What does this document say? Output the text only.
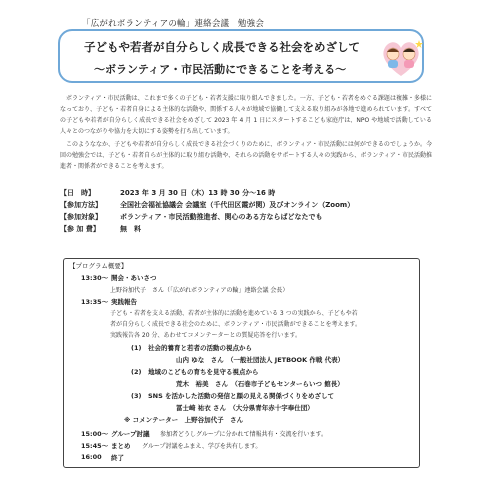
「広がれボランティアの輪」連絡会議　勉強会
子どもや若者が自分らしく成長できる社会をめざして
～ボランティア・市民活動にできることを考える～

ボランティア・市民活動は、これまで多くの子ども・若者支援に取り組んできました。一方、子ども・若者をめぐる課題は複雑・多様になっており、子ども・若者自身による主体的な活動や、関係する人々が地域で協働して支える取り組みが各地で進められています。すべての子どもや若者が自分らしく成長できる社会をめざして 2023 年 4 月 1 日にスタートするこども家庭庁は、NPO や地域で活動している人々とのつながりや協力を大切にする姿勢を打ち出しています。

このようななか、子どもや若者が自分らしく成長できる社会づくりのために、ボランティア・市民活動には何ができるのでしょうか。今回の勉強会では、子ども・若者自らが主体的に取り組む活動や、それらの活動をサポートする人々の実践から、ボランティア・市民活動推進者・関係者ができることを考えます。

【日　時】	2023 年 3 月 30 日（木）13 時 30 分～16 時
【参加方法】	全国社会福祉協議会 会議室（千代田区霞が関）及びオンライン（Zoom）
【参加対象】	ボランティア・市民活動推進者、関心のある方ならばどなたでも
【参 加 費】	無　料
【プログラム概要】
13:30～ 開会・あいさつ
上野谷加代子　さん（「広がれボランティアの輪」連絡会議 会長）
13:35～ 実践報告
子ども・若者を支える活動、若者が主体的に活動を進めている 3 つの実践から、子どもや若
者が自分らしく成長できる社会のために、ボランティア・市民活動ができることを考えます。
実践報告各 20 分、あわせてコメンテーターとの質疑応答を行います。
(1)　社会的養育と若者の活動の視点から
山内 ゆな　さん　（一般社団法人 JETBOOK 作戦 代表）
(2)　地域のこどもの育ちを見守る視点から
荒木　裕美　さん　（石巻市子どもセンターらいつ 館長）
(3)　SNS を活かした活動の発信と顔の見える関係づくりをめざして
冨士崎 祐衣 さん　（大分県青年赤十字奉仕団）
※ コメンテーター　上野谷加代子　さん
15:00～ グループ討議 参加者どうしグループに分かれて情報共有・交流を行います。
15:45～ まとめ グループ討議をふまえ、学びを共有します。
16:00 終了
